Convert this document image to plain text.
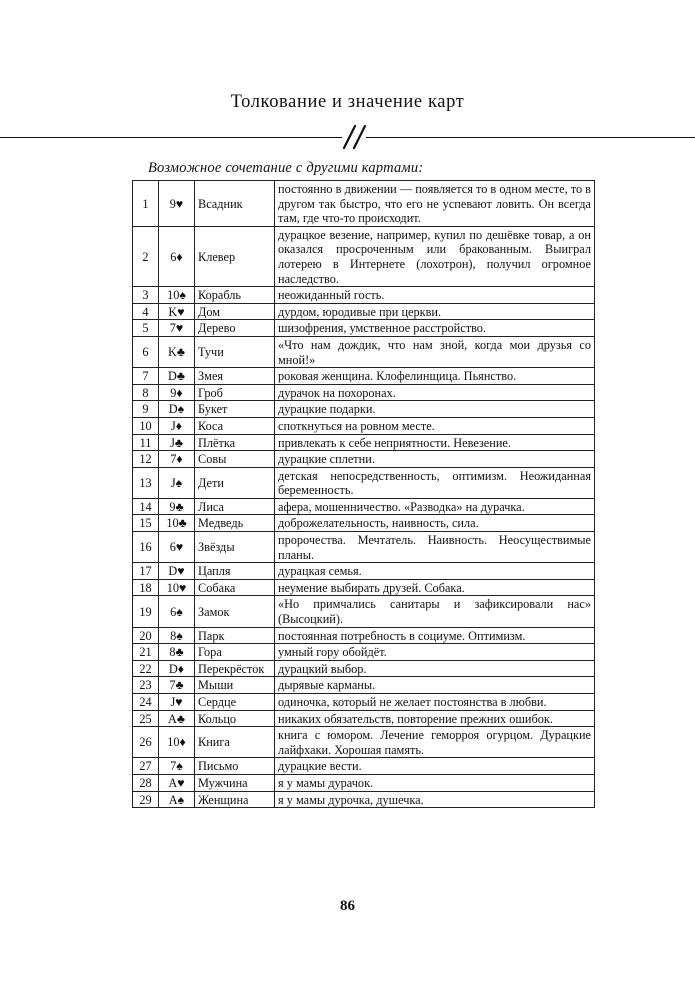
Толкование и значение карт
Возможное сочетание с другими картами:
1	9♥	Всадник	постоянно в движении — появляется то в одном месте, то в другом так быстро, что его не успевают ловить. Он всегда там, где что-то происходит.
2	6♦	Клевер	дурацкое везение, например, купил по дешёвке товар, а он оказался просроченным или бракованным. Выиграл лотерею в Интернете (лохотрон), получил огромное наследство.
3	10♠	Корабль	неожиданный гость.
4	K♥	Дом	дурдом, юродивые при церкви.
5	7♥	Дерево	шизофрения, умственное расстройство.
6	K♣	Тучи	«Что нам дождик, что нам зной, когда мои друзья со мной!»
7	D♣	Змея	роковая женщина. Клофелинщица. Пьянство.
8	9♦	Гроб	дурачок на похоронах.
9	D♠	Букет	дурацкие подарки.
10	J♦	Коса	споткнуться на ровном месте.
11	J♣	Плётка	привлекать к себе неприятности. Невезение.
12	7♦	Совы	дурацкие сплетни.
13	J♠	Дети	детская непосредственность, оптимизм. Неожиданная беременность.
14	9♣	Лиса	афера, мошенничество. «Разводка» на дурачка.
15	10♣	Медведь	доброжелательность, наивность, сила.
16	6♥	Звёзды	пророчества. Мечтатель. Наивность. Неосуществимые планы.
17	D♥	Цапля	дурацкая семья.
18	10♥	Собака	неумение выбирать друзей. Собака.
19	6♠	Замок	«Но примчались санитары и зафиксировали нас» (Высоцкий).
20	8♠	Парк	постоянная потребность в социуме. Оптимизм.
21	8♣	Гора	умный гору обойдёт.
22	D♦	Перекрёсток	дурацкий выбор.
23	7♣	Мыши	дырявые карманы.
24	J♥	Сердце	одиночка, который не желает постоянства в любви.
25	A♣	Кольцо	никаких обязательств, повторение прежних ошибок.
26	10♦	Книга	книга с юмором. Лечение геморроя огурцом. Дурацкие лайфхаки. Хорошая память.
27	7♠	Письмо	дурацкие вести.
28	A♥	Мужчина	я у мамы дурачок.
29	A♠	Женщина	я у мамы дурочка, душечка.
86
